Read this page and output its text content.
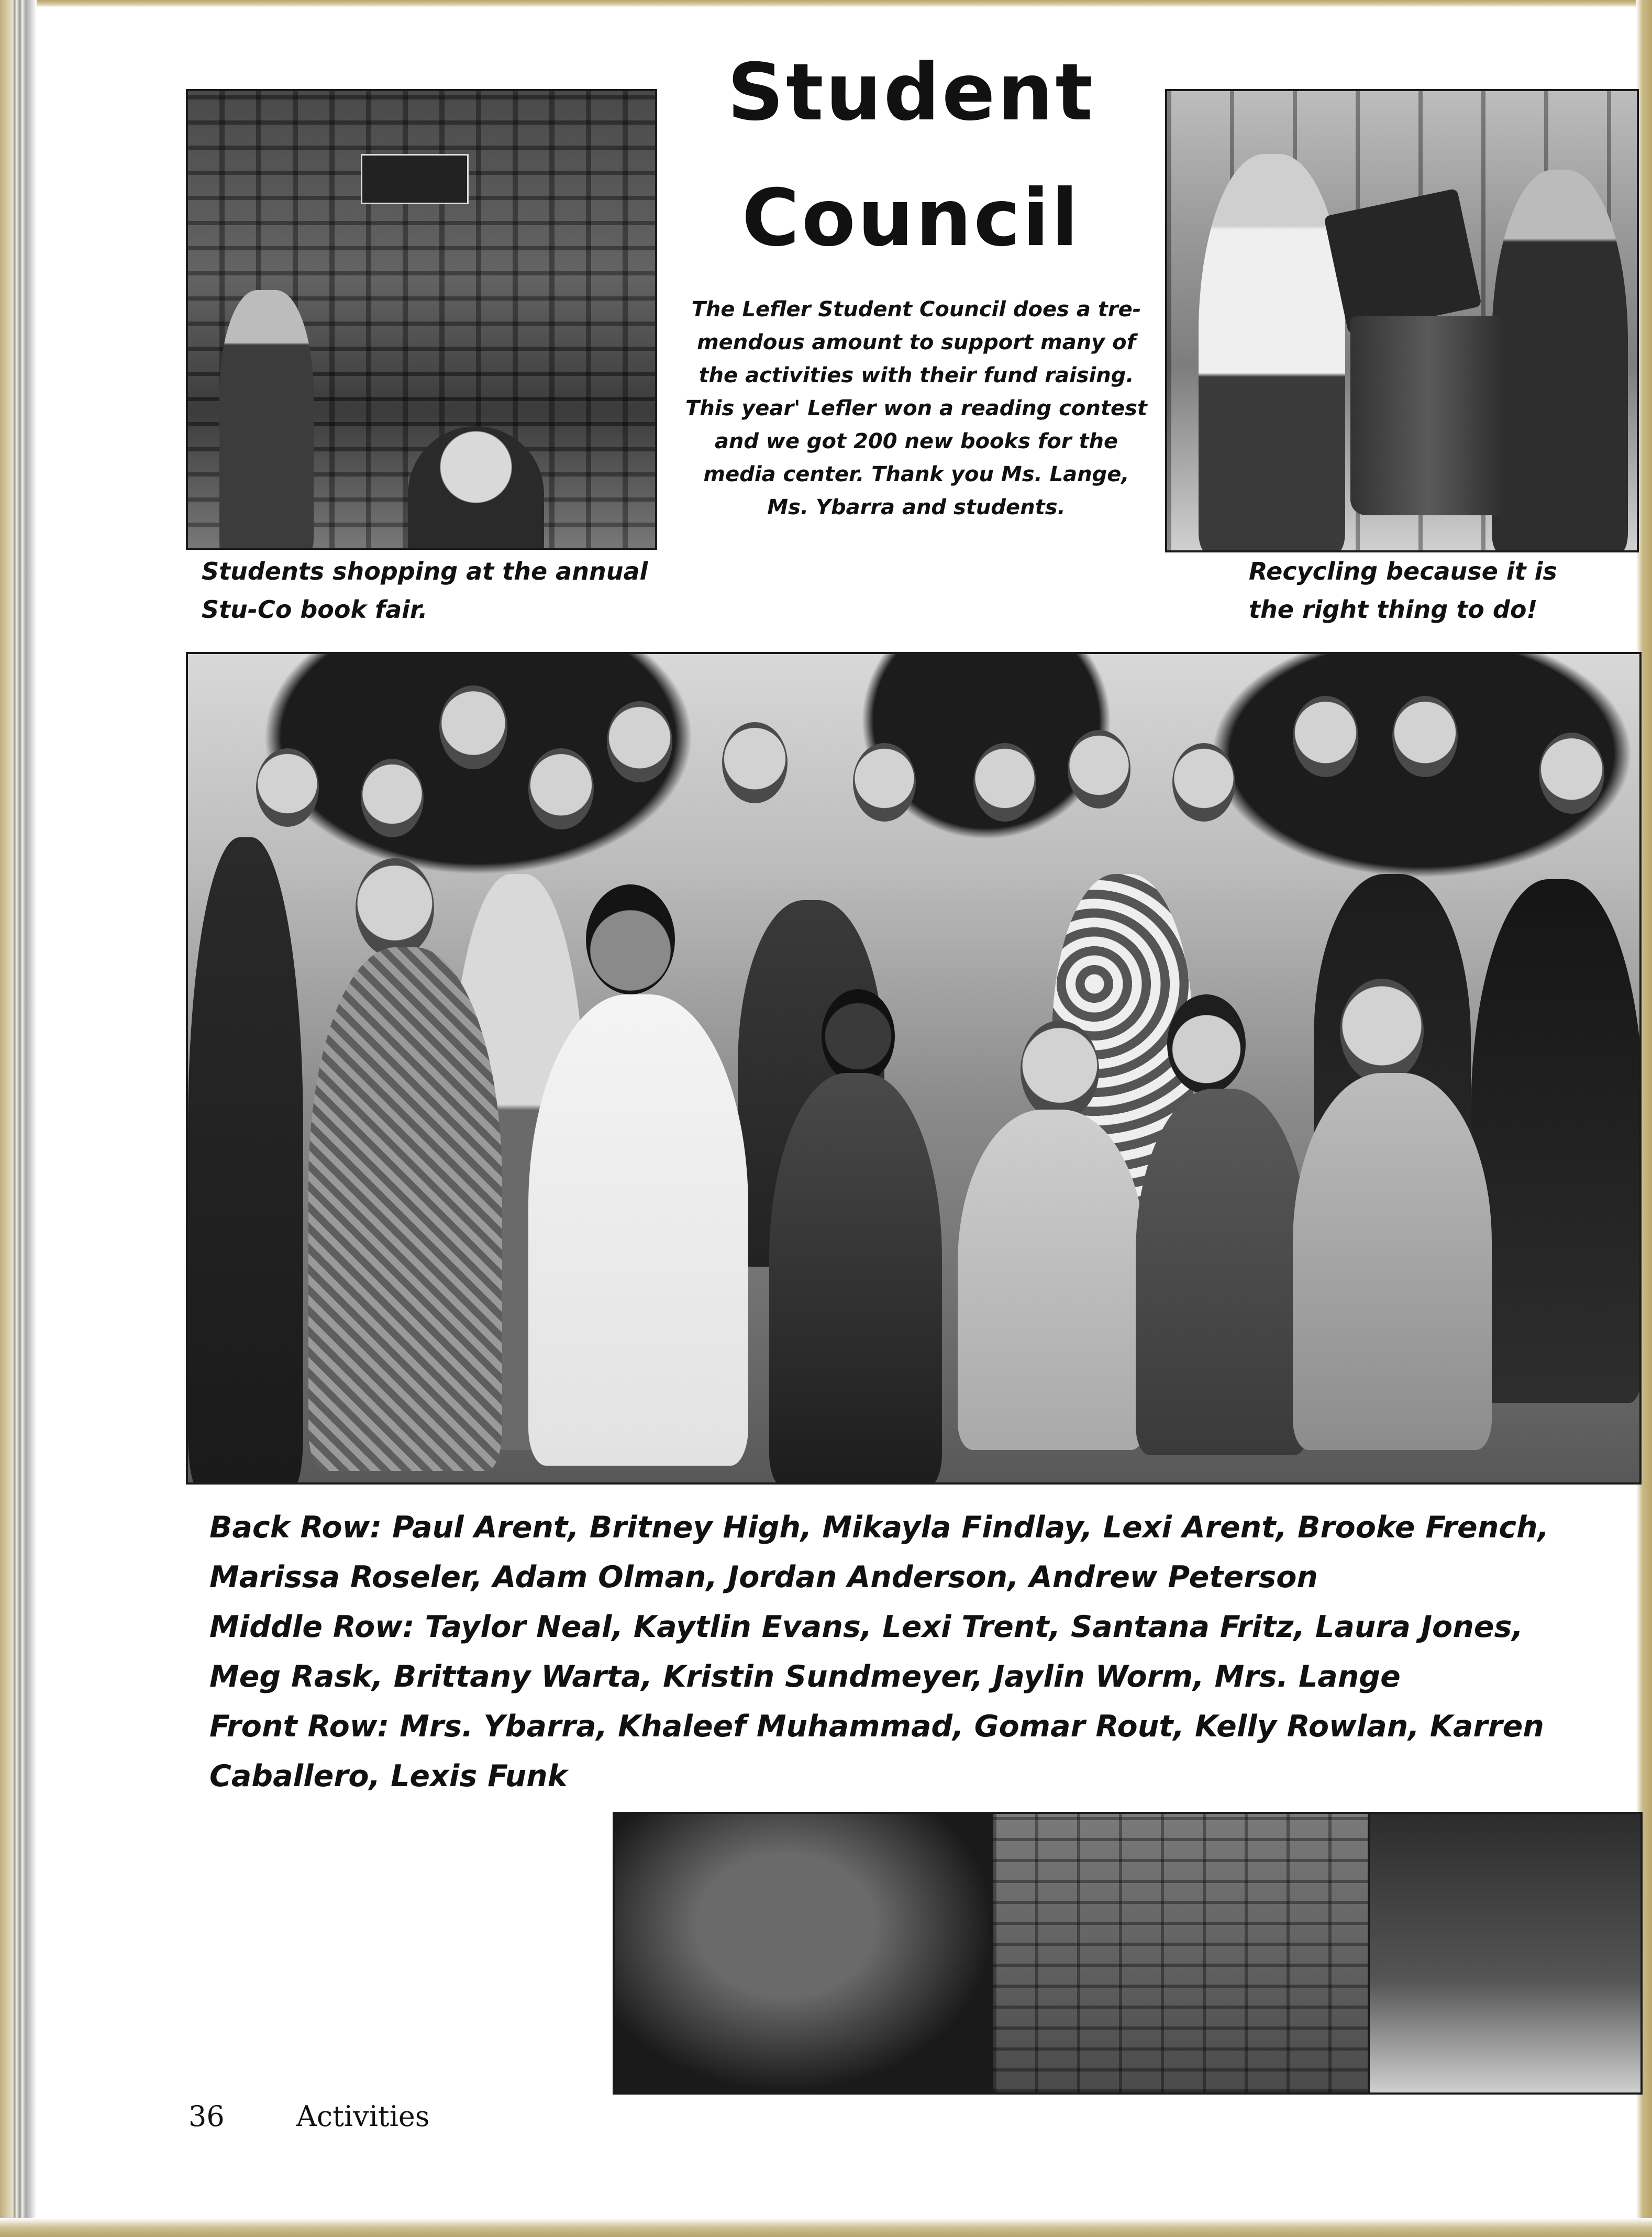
Students shopping at the annual Stu-Co book fair.
Student
Council
The Lefler Student Council does a tre-mendous amount to support many of the activities with their fund raising. This year' Lefler won a reading contest and we got 200 new books for the media center. Thank you Ms. Lange, Ms. Ybarra and students.
Recycling because it is the right thing to do!
Back Row: Paul Arent, Britney High, Mikayla Findlay, Lexi Arent, Brooke French,
Marissa Roseler, Adam Olman, Jordan Anderson, Andrew Peterson
Middle Row: Taylor Neal, Kaytlin Evans, Lexi Trent, Santana Fritz, Laura Jones,
Meg Rask, Brittany Warta, Kristin Sundmeyer, Jaylin Worm, Mrs. Lange
Front Row: Mrs. Ybarra, Khaleef Muhammad, Gomar Rout, Kelly Rowlan, Karren
Caballero, Lexis Funk
36	Activities
